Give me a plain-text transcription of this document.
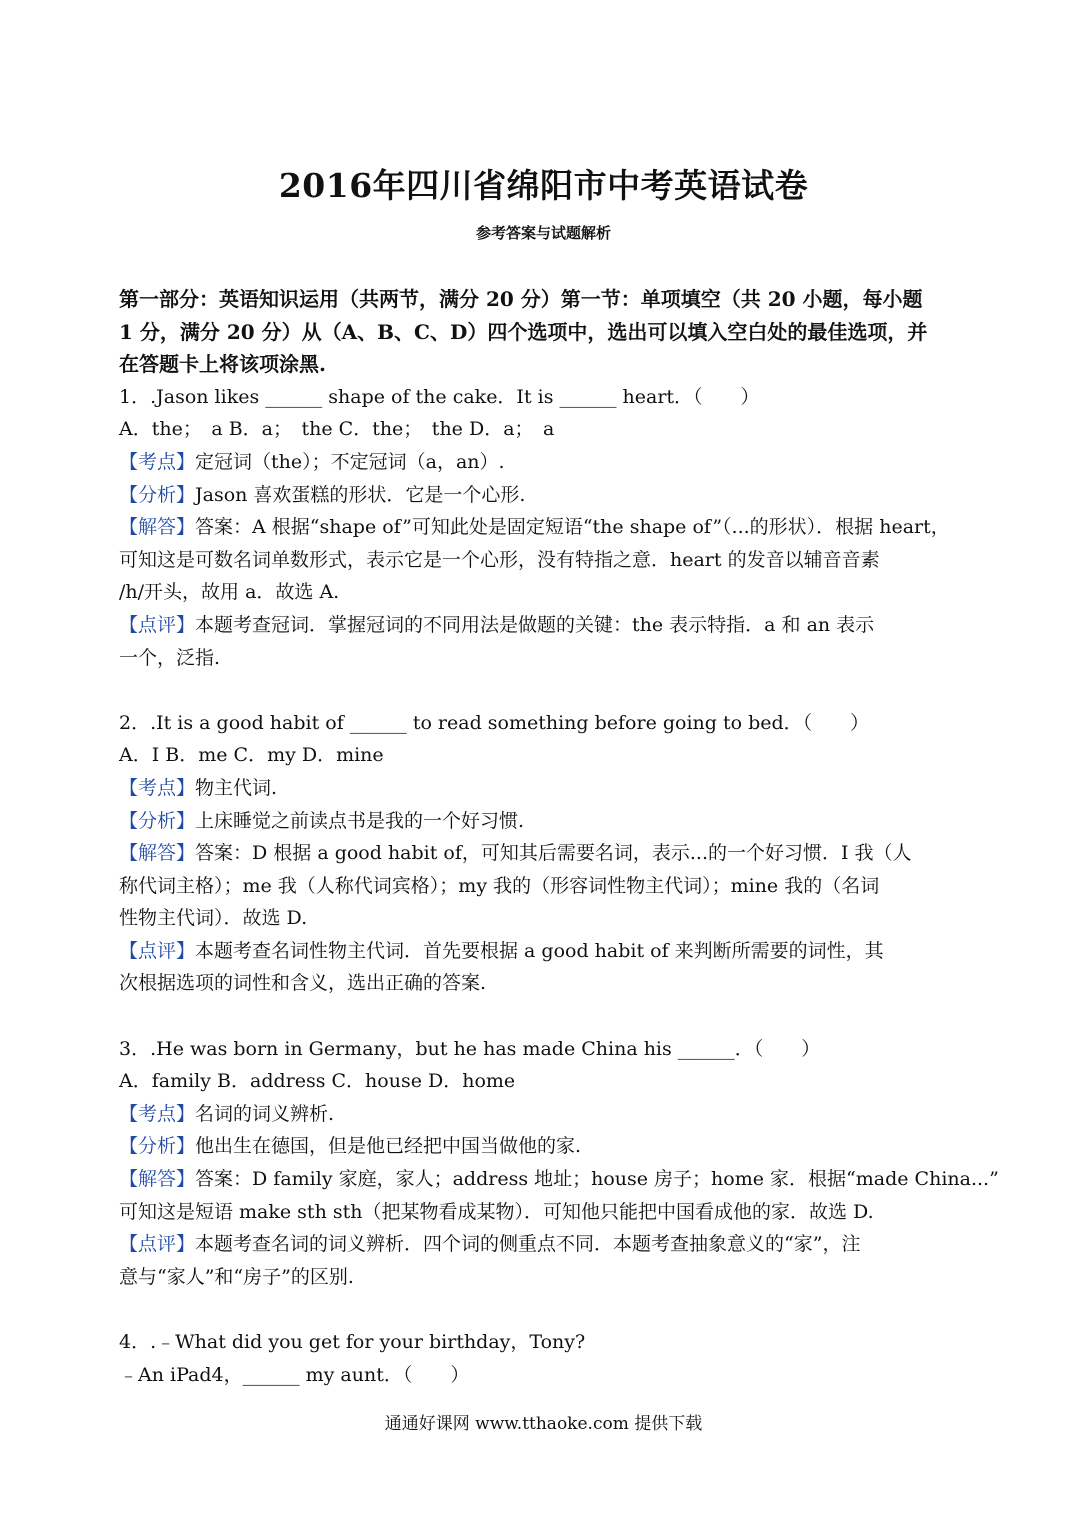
2016年四川省绵阳市中考英语试卷
参考答案与试题解析
第一部分：英语知识运用（共两节，满分 20 分）第一节：单项填空（共 20 小题，每小题
1 分，满分 20 分）从（A、B、C、D）四个选项中，选出可以填入空白处的最佳选项，并
在答题卡上将该项涂黑.
1．.Jason likes ______ shape of the cake．It is ______ heart．（　　）
A．the；　a B．a；　the C．the；　the D．a；　a
【考点】定冠词（the）；不定冠词（a，an）.
【分析】Jason 喜欢蛋糕的形状．它是一个心形.
【解答】答案：A 根据“shape of”可知此处是固定短语“the shape of”（...的形状）．根据 heart，
可知这是可数名词单数形式，表示它是一个心形，没有特指之意．heart 的发音以辅音音素
/h/开头，故用 a．故选 A.
【点评】本题考查冠词．掌握冠词的不同用法是做题的关键：the 表示特指．a 和 an 表示
一个，泛指.
2．.It is a good habit of ______ to read something before going to bed．（　　）
A．I B．me C．my D．mine
【考点】物主代词.
【分析】上床睡觉之前读点书是我的一个好习惯.
【解答】答案：D 根据 a good habit of，可知其后需要名词，表示...的一个好习惯．I 我（人
称代词主格）；me 我（人称代词宾格）；my 我的（形容词性物主代词）；mine 我的（名词
性物主代词）．故选 D.
【点评】本题考查名词性物主代词．首先要根据 a good habit of 来判断所需要的词性，其
次根据选项的词性和含义，选出正确的答案.
3．.He was born in Germany，but he has made China his ______．（　　）
A．family B．address C．house D．home
【考点】名词的词义辨析.
【分析】他出生在德国，但是他已经把中国当做他的家.
【解答】答案：D family 家庭，家人；address 地址；house 房子；home 家．根据“made China...”
可知这是短语 make sth sth（把某物看成某物）．可知他只能把中国看成他的家．故选 D.
【点评】本题考查名词的词义辨析．四个词的侧重点不同．本题考查抽象意义的“家”，注
意与“家人”和“房子”的区别.
4．.﹣What did you get for your birthday，Tony?
﹣An iPad4，______ my aunt．（　　）
通通好课网 www.tthaoke.com 提供下载
